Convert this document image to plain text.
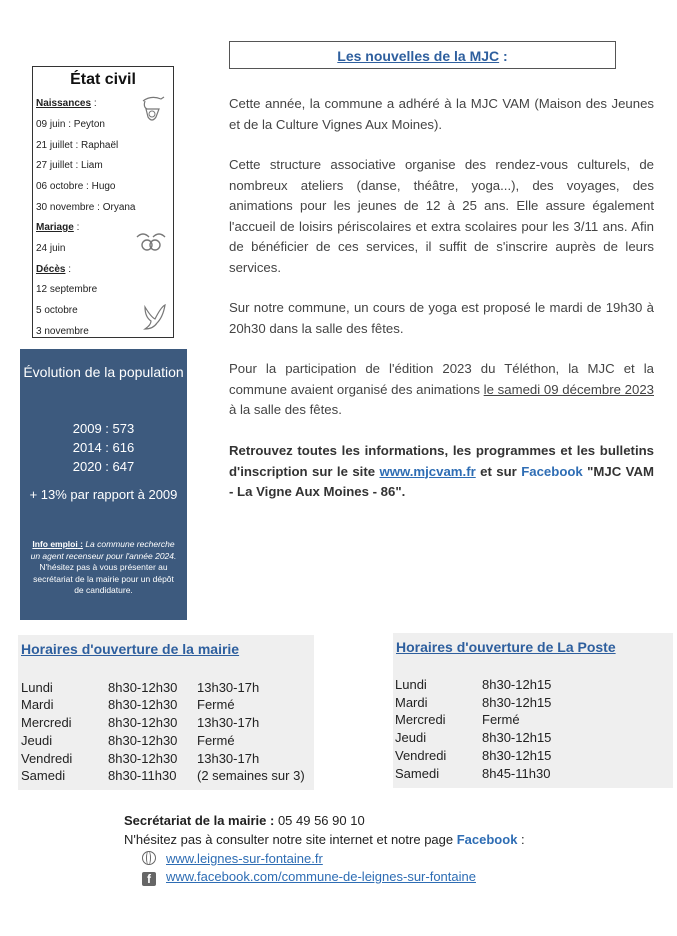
État civil
Naissances :
09 juin : Peyton
21 juillet : Raphaël
27 juillet : Liam
06 octobre : Hugo
30 novembre : Oryana
Mariage :
24 juin
Décès :
12 septembre
5 octobre
3 novembre
Évolution de la population
2009 : 573
2014 : 616
2020 : 647
+ 13% par rapport à 2009
Info emploi : La commune recherche un agent recenseur pour l'année 2024. N'hésitez pas à vous présenter au secrétariat de la mairie pour un dépôt de candidature.
Les nouvelles de la MJC :
Cette année, la commune a adhéré à la MJC VAM (Maison des Jeunes et de la Culture Vignes Aux Moines).
Cette structure associative organise des rendez-vous culturels, de nombreux ateliers (danse, théâtre, yoga...), des voyages, des animations pour les jeunes de 12 à 25 ans. Elle assure également l'accueil de loisirs périscolaires et extra scolaires pour les 3/11 ans. Afin de bénéficier de ces services, il suffit de s'inscrire auprès de leurs services.
Sur notre commune, un cours de yoga est proposé le mardi de 19h30 à 20h30 dans la salle des fêtes.
Pour la participation de l'édition 2023 du Téléthon, la MJC et la commune avaient organisé des animations le samedi 09 décembre 2023 à la salle des fêtes.
Retrouvez toutes les informations, les programmes et les bulletins d'inscription sur le site www.mjcvam.fr et sur Facebook "MJC VAM - La Vigne Aux Moines - 86".
Horaires d'ouverture de la mairie
Lundi	8h30-12h30 13h30-17h
Mardi	8h30-12h30 Fermé
Mercredi	8h30-12h30 13h30-17h
Jeudi	8h30-12h30 Fermé
Vendredi	8h30-12h30 13h30-17h
Samedi	8h30-11h30 (2 semaines sur 3)
Horaires d'ouverture de La Poste
Lundi	8h30-12h15
Mardi	8h30-12h15
Mercredi	Fermé
Jeudi	8h30-12h15
Vendredi	8h30-12h15
Samedi	8h45-11h30
Secrétariat de la mairie : 05 49 56 90 10
N'hésitez pas à consulter notre site internet et notre page Facebook :
www.leignes-sur-fontaine.fr
f www.facebook.com/commune-de-leignes-sur-fontaine
